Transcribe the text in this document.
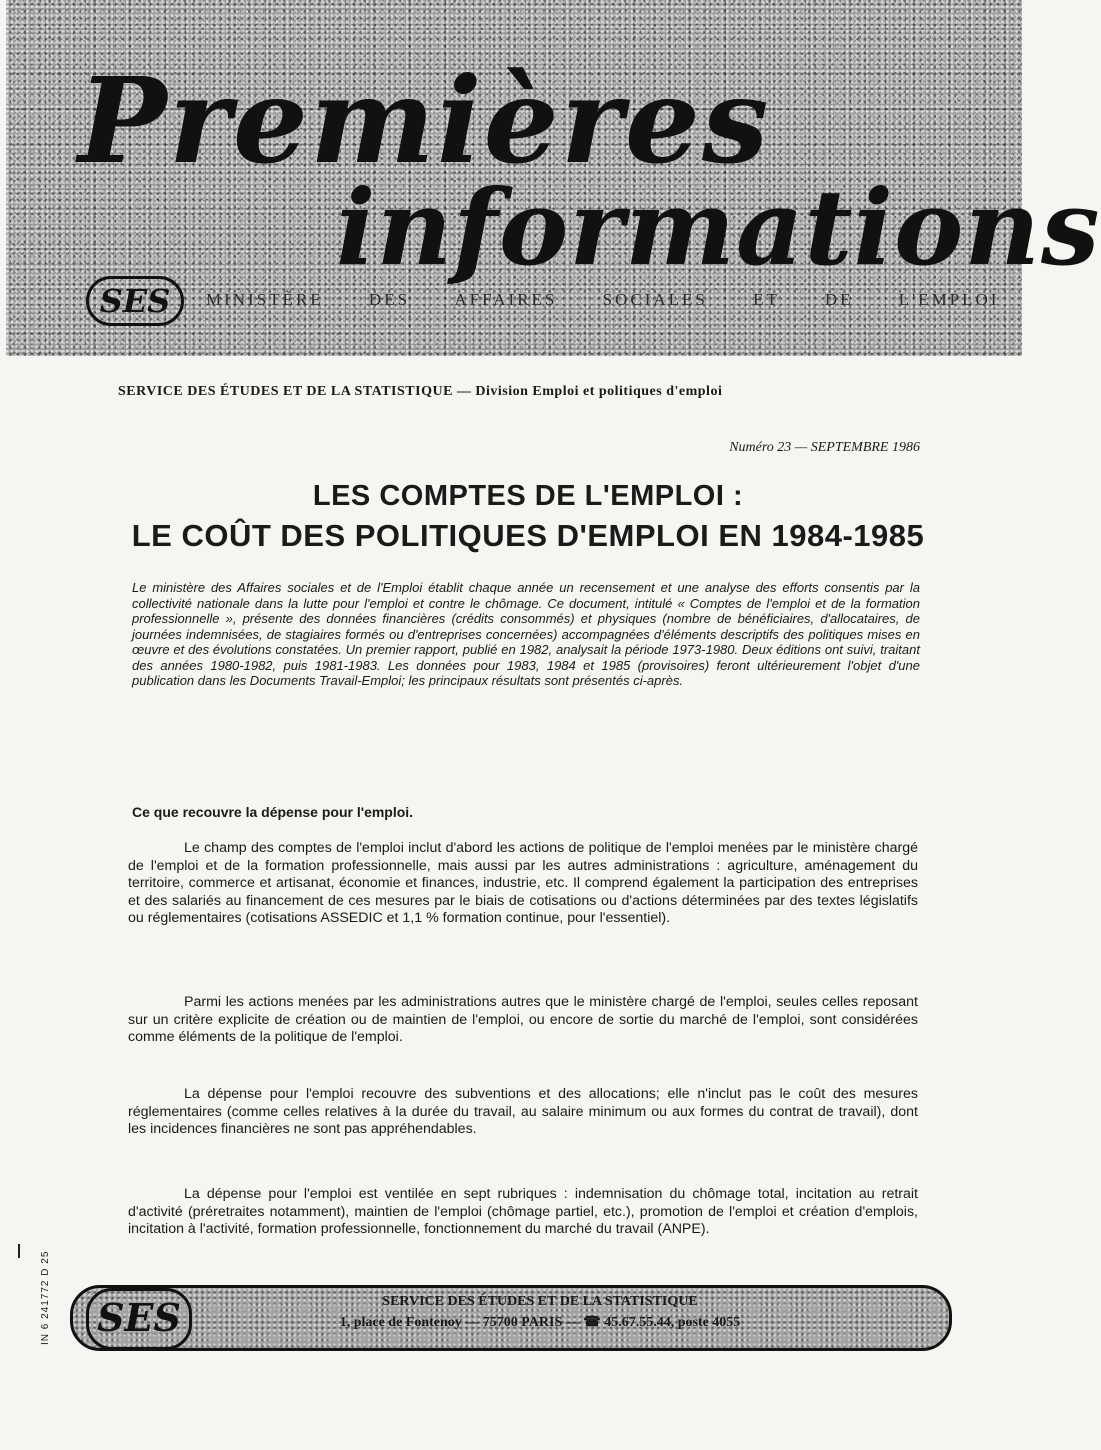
Premières
informations
MINISTÈRE DES AFFAIRES SOCIALES ET DE L'EMPLOI
SES
SERVICE DES ÉTUDES ET DE LA STATISTIQUE — Division Emploi et politiques d'emploi
Numéro 23 — SEPTEMBRE 1986
LES COMPTES DE L'EMPLOI :
LE COÛT DES POLITIQUES D'EMPLOI EN 1984-1985

Le ministère des Affaires sociales et de l'Emploi établit chaque année un recensement et une analyse des efforts consentis par la collectivité nationale dans la lutte pour l'emploi et contre le chômage. Ce document, intitulé « Comptes de l'emploi et de la formation professionnelle », présente des données financières (crédits consommés) et physiques (nombre de bénéficiaires, d'allocataires, de journées indemnisées, de stagiaires formés ou d'entreprises concernées) accompagnées d'éléments descriptifs des politiques mises en œuvre et des évolutions constatées. Un premier rapport, publié en 1982, analysait la période 1973-1980. Deux éditions ont suivi, traitant des années 1980-1982, puis 1981-1983. Les données pour 1983, 1984 et 1985 (provisoires) feront ultérieurement l'objet d'une publication dans les Documents Travail-Emploi; les principaux résultats sont présentés ci-après.

Ce que recouvre la dépense pour l'emploi.

Le champ des comptes de l'emploi inclut d'abord les actions de politique de l'emploi menées par le ministère chargé de l'emploi et de la formation professionnelle, mais aussi par les autres administrations : agriculture, aménagement du territoire, commerce et artisanat, économie et finances, industrie, etc. Il comprend également la participation des entreprises et des salariés au financement de ces mesures par le biais de cotisations ou d'actions déterminées par des textes législatifs ou réglementaires (cotisations ASSEDIC et 1,1 % formation continue, pour l'essentiel).

Parmi les actions menées par les administrations autres que le ministère chargé de l'emploi, seules celles reposant sur un critère explicite de création ou de maintien de l'emploi, ou encore de sortie du marché de l'emploi, sont considérées comme éléments de la politique de l'emploi.

La dépense pour l'emploi recouvre des subventions et des allocations; elle n'inclut pas le coût des mesures réglementaires (comme celles relatives à la durée du travail, au salaire minimum ou aux formes du contrat de travail), dont les incidences financières ne sont pas appréhendables.

La dépense pour l'emploi est ventilée en sept rubriques : indemnisation du chômage total, incitation au retrait d'activité (préretraites notamment), maintien de l'emploi (chômage partiel, etc.), promotion de l'emploi et création d'emplois, incitation à l'activité, formation professionnelle, fonctionnement du marché du travail (ANPE).

IN 6 241772 D 25 SES	SERVICE DES ÉTUDES ET DE LA STATISTIQUE
1, place de Fontenoy — 75700 PARIS — ☎ 45.67.55.44, poste 4055
